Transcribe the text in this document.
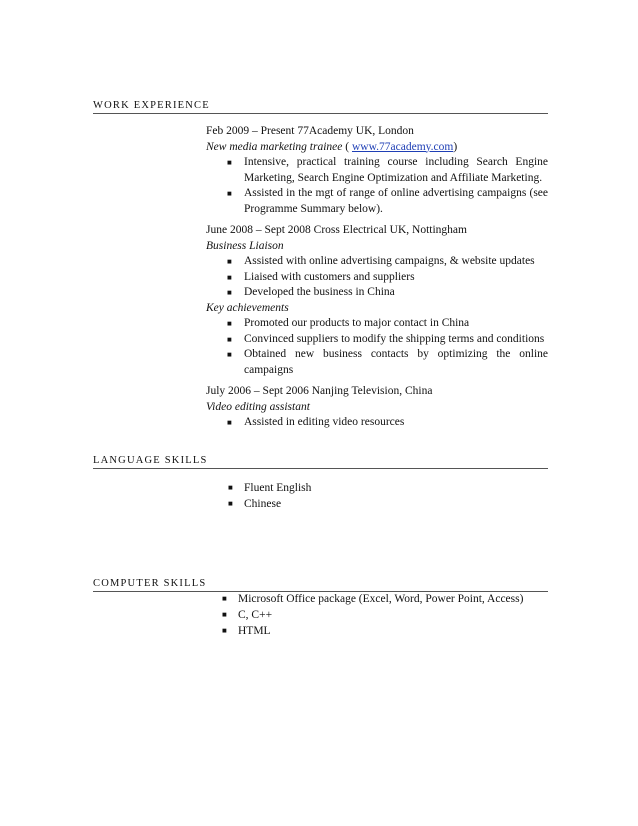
WORK EXPERIENCE

Feb 2009 – Present 77Academy UK, London

New media marketing trainee ( www.77academy.com)

■ Intensive, practical training course including Search Engine Marketing, Search Engine Optimization and Affiliate Marketing.
■ Assisted in the mgt of range of online advertising campaigns (see Programme Summary below).

June 2008 – Sept 2008 Cross Electrical UK, Nottingham

Business Liaison

■ Assisted with online advertising campaigns, & website updates
■ Liaised with customers and suppliers
■ Developed the business in China

Key achievements

■ Promoted our products to major contact in China
■ Convinced suppliers to modify the shipping terms and conditions
■ Obtained new business contacts by optimizing the online campaigns

July 2006 – Sept 2006 Nanjing Television, China

Video editing assistant

■ Assisted in editing video resources
LANGUAGE SKILLS
■ Fluent English
■ Chinese
COMPUTER SKILLS
■ Microsoft Office package (Excel, Word, Power Point, Access)
■ C, C++
■ HTML
